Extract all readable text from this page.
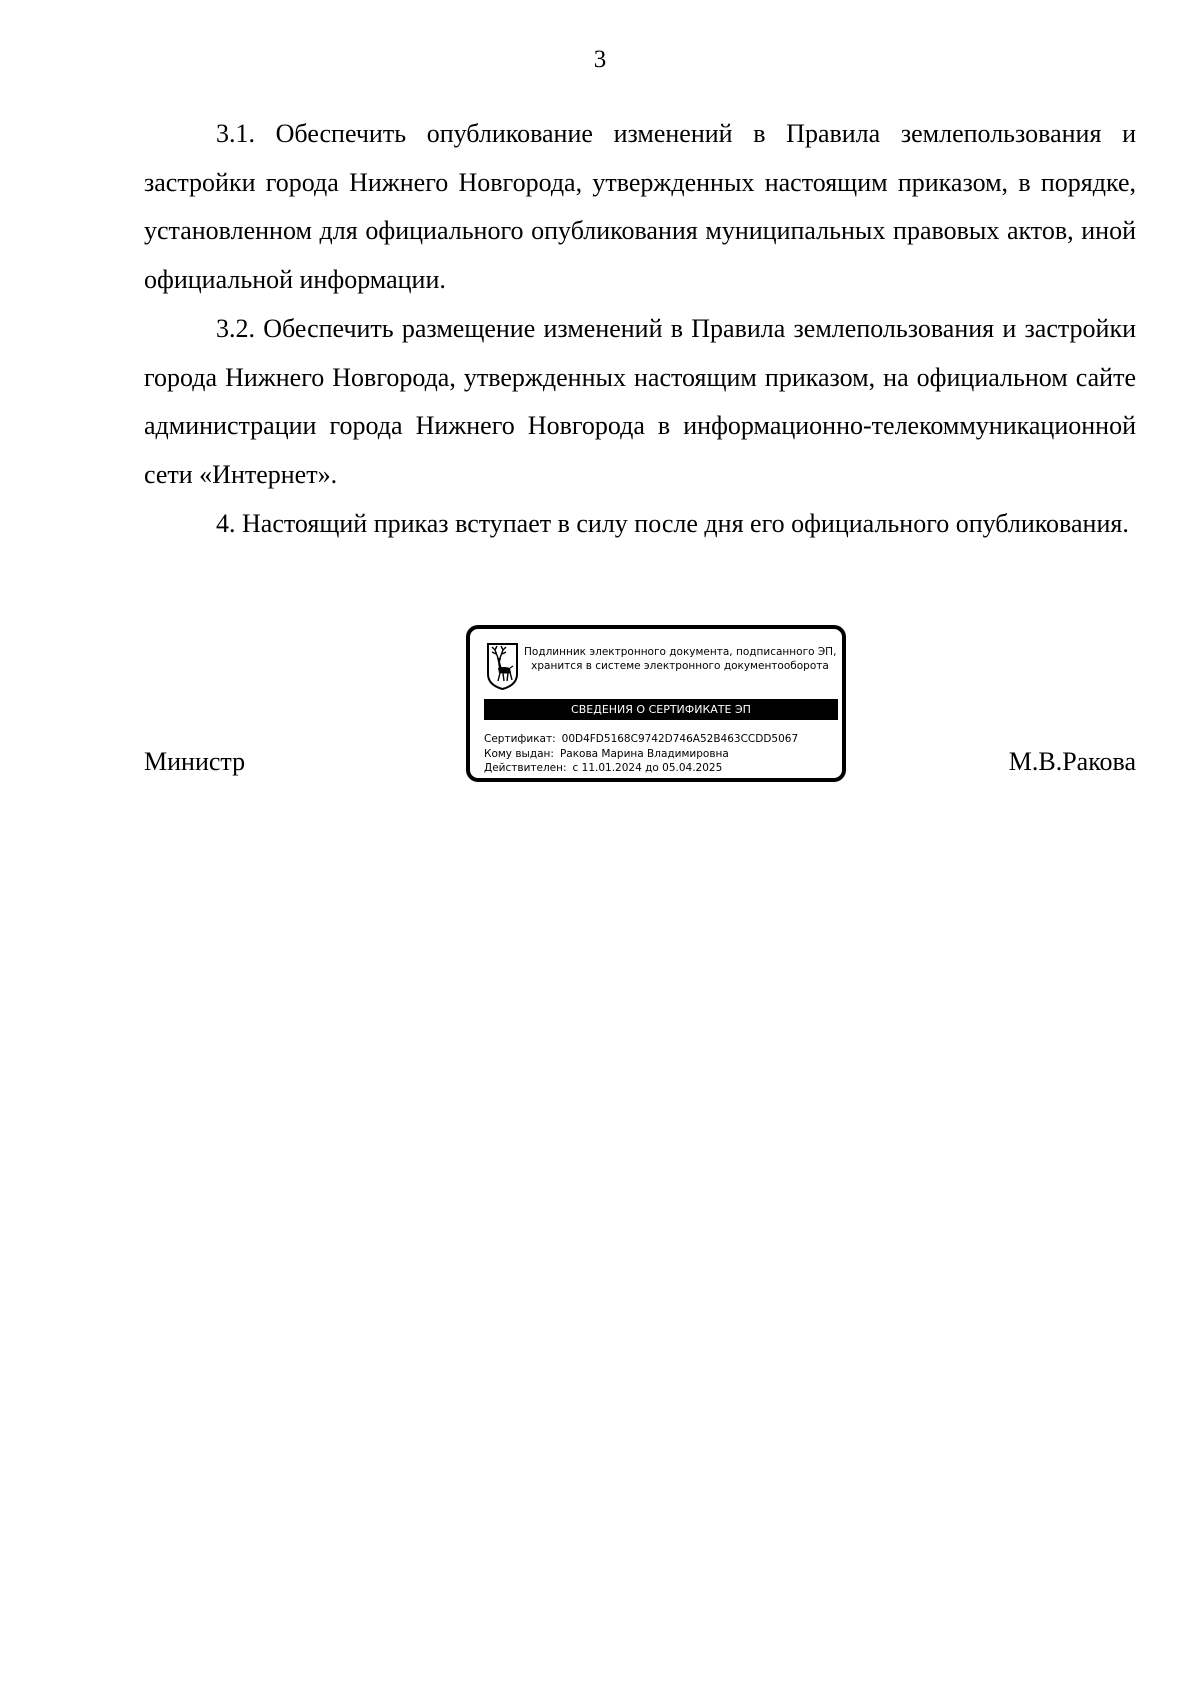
3

3.1. Обеспечить опубликование изменений в Правила землепользования и застройки города Нижнего Новгорода, утвержденных настоящим приказом, в порядке, установленном для официального опубликования муниципальных правовых актов, иной официальной информации.

3.2. Обеспечить размещение изменений в Правила землепользования и застройки города Нижнего Новгорода, утвержденных настоящим приказом, на официальном сайте администрации города Нижнего Новгорода в информационно-телекоммуникационной сети «Интернет».

4. Настоящий приказ вступает в силу после дня его официального опубликования.

Подлинник электронного документа, подписанного ЭП,
хранится в системе электронного документооборота
СВЕДЕНИЯ О СЕРТИФИКАТЕ ЭП
Сертификат: 00D4FD5168C9742D746A52B463CCDD5067
Кому выдан: Ракова Марина Владимировна
Действителен: с 11.01.2024 до 05.04.2025
Министр	М.В.Ракова
